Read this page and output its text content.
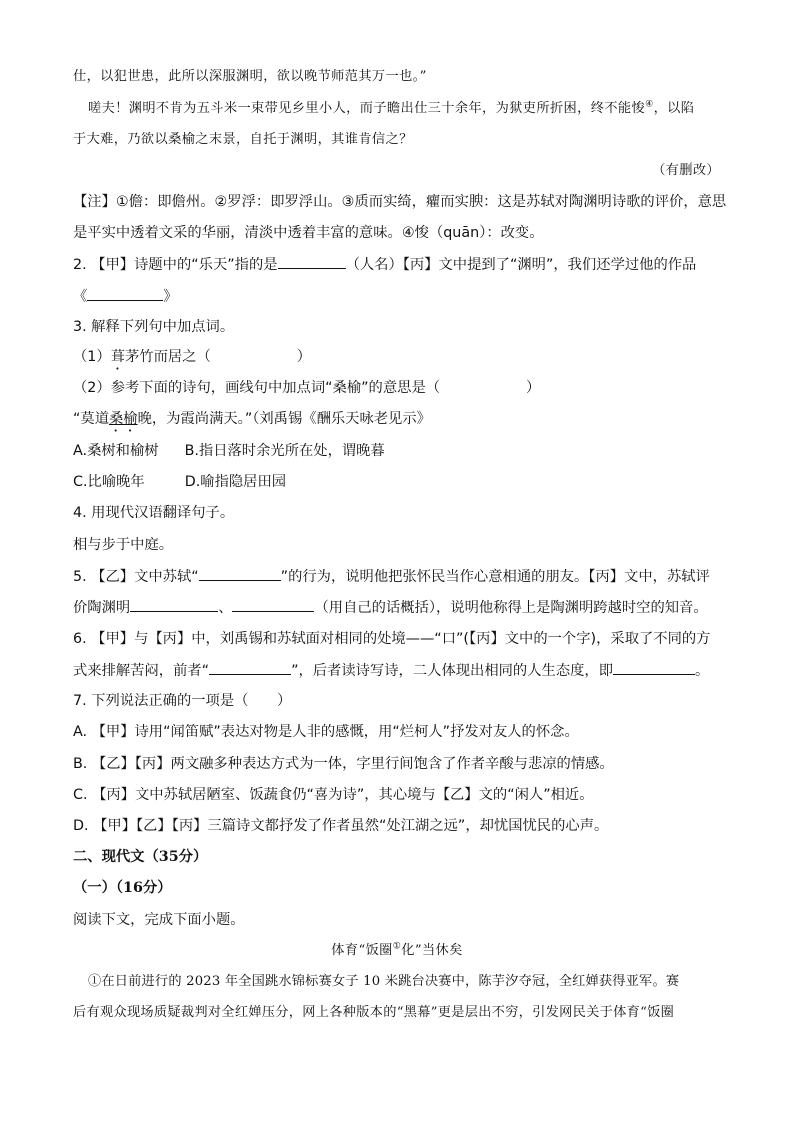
仕，以犯世患，此所以深服渊明，欲以晚节师范其万一也。”
嗟夫！渊明不肯为五斗米一束带见乡里小人，而子瞻出仕三十余年，为狱吏所折困，终不能悛④，以陷
于大难，乃欲以桑榆之末景，自托于渊明，其谁肯信之？
（有删改）
【注】①儋：即儋州。②罗浮：即罗浮山。③质而实绮，癯而实腴：这是苏轼对陶渊明诗歌的评价，意思
是平实中透着文采的华丽，清淡中透着丰富的意味。④悛（quān）：改变。
2. 【甲】诗题中的“乐天”指的是	（人名）【丙】文中提到了“渊明”，我们还学过他的作品
《	》
3. 解释下列句中加点词。
（1）葺茅竹而居之（	）
（2）参考下面的诗句，画线句中加点词“桑榆”的意思是（	）
“莫道桑榆晚，为霞尚满天。”（刘禹锡《酬乐天咏老见示》
A.桑树和榆树 B.指日落时余光所在处，谓晚暮
C.比喻晚年	D.喻指隐居田园
4. 用现代汉语翻译句子。
相与步于中庭。
5. 【乙】文中苏轼“	”的行为，说明他把张怀民当作心意相通的朋友。【丙】文中，苏轼评
价陶渊明	、	（用自己的话概括），说明他称得上是陶渊明跨越时空的知音。
6. 【甲】与【丙】中，刘禹锡和苏轼面对相同的处境——“口”(【丙】文中的一个字)，采取了不同的方
式来排解苦闷，前者“	”，后者读诗写诗，二人体现出相同的人生态度，即	。
7. 下列说法正确的一项是（　　）
A. 【甲】诗用“闻笛赋”表达对物是人非的感慨，用“烂柯人”抒发对友人的怀念。
B. 【乙】【丙】两文融多种表达方式为一体，字里行间饱含了作者辛酸与悲凉的情感。
C. 【丙】文中苏轼居陋室、饭蔬食仍“喜为诗”，其心境与【乙】文的“闲人”相近。
D. 【甲】【乙】【丙】三篇诗文都抒发了作者虽然“处江湖之远”，却忧国忧民的心声。
二、现代文（35分）
（一）（16分）
阅读下文，完成下面小题。
体育“饭圈①化”当休矣
①在日前进行的 2023 年全国跳水锦标赛女子 10 米跳台决赛中，陈芋汐夺冠，全红婵获得亚军。赛
后有观众现场质疑裁判对全红婵压分，网上各种版本的“黑幕”更是层出不穷，引发网民关于体育“饭圈
